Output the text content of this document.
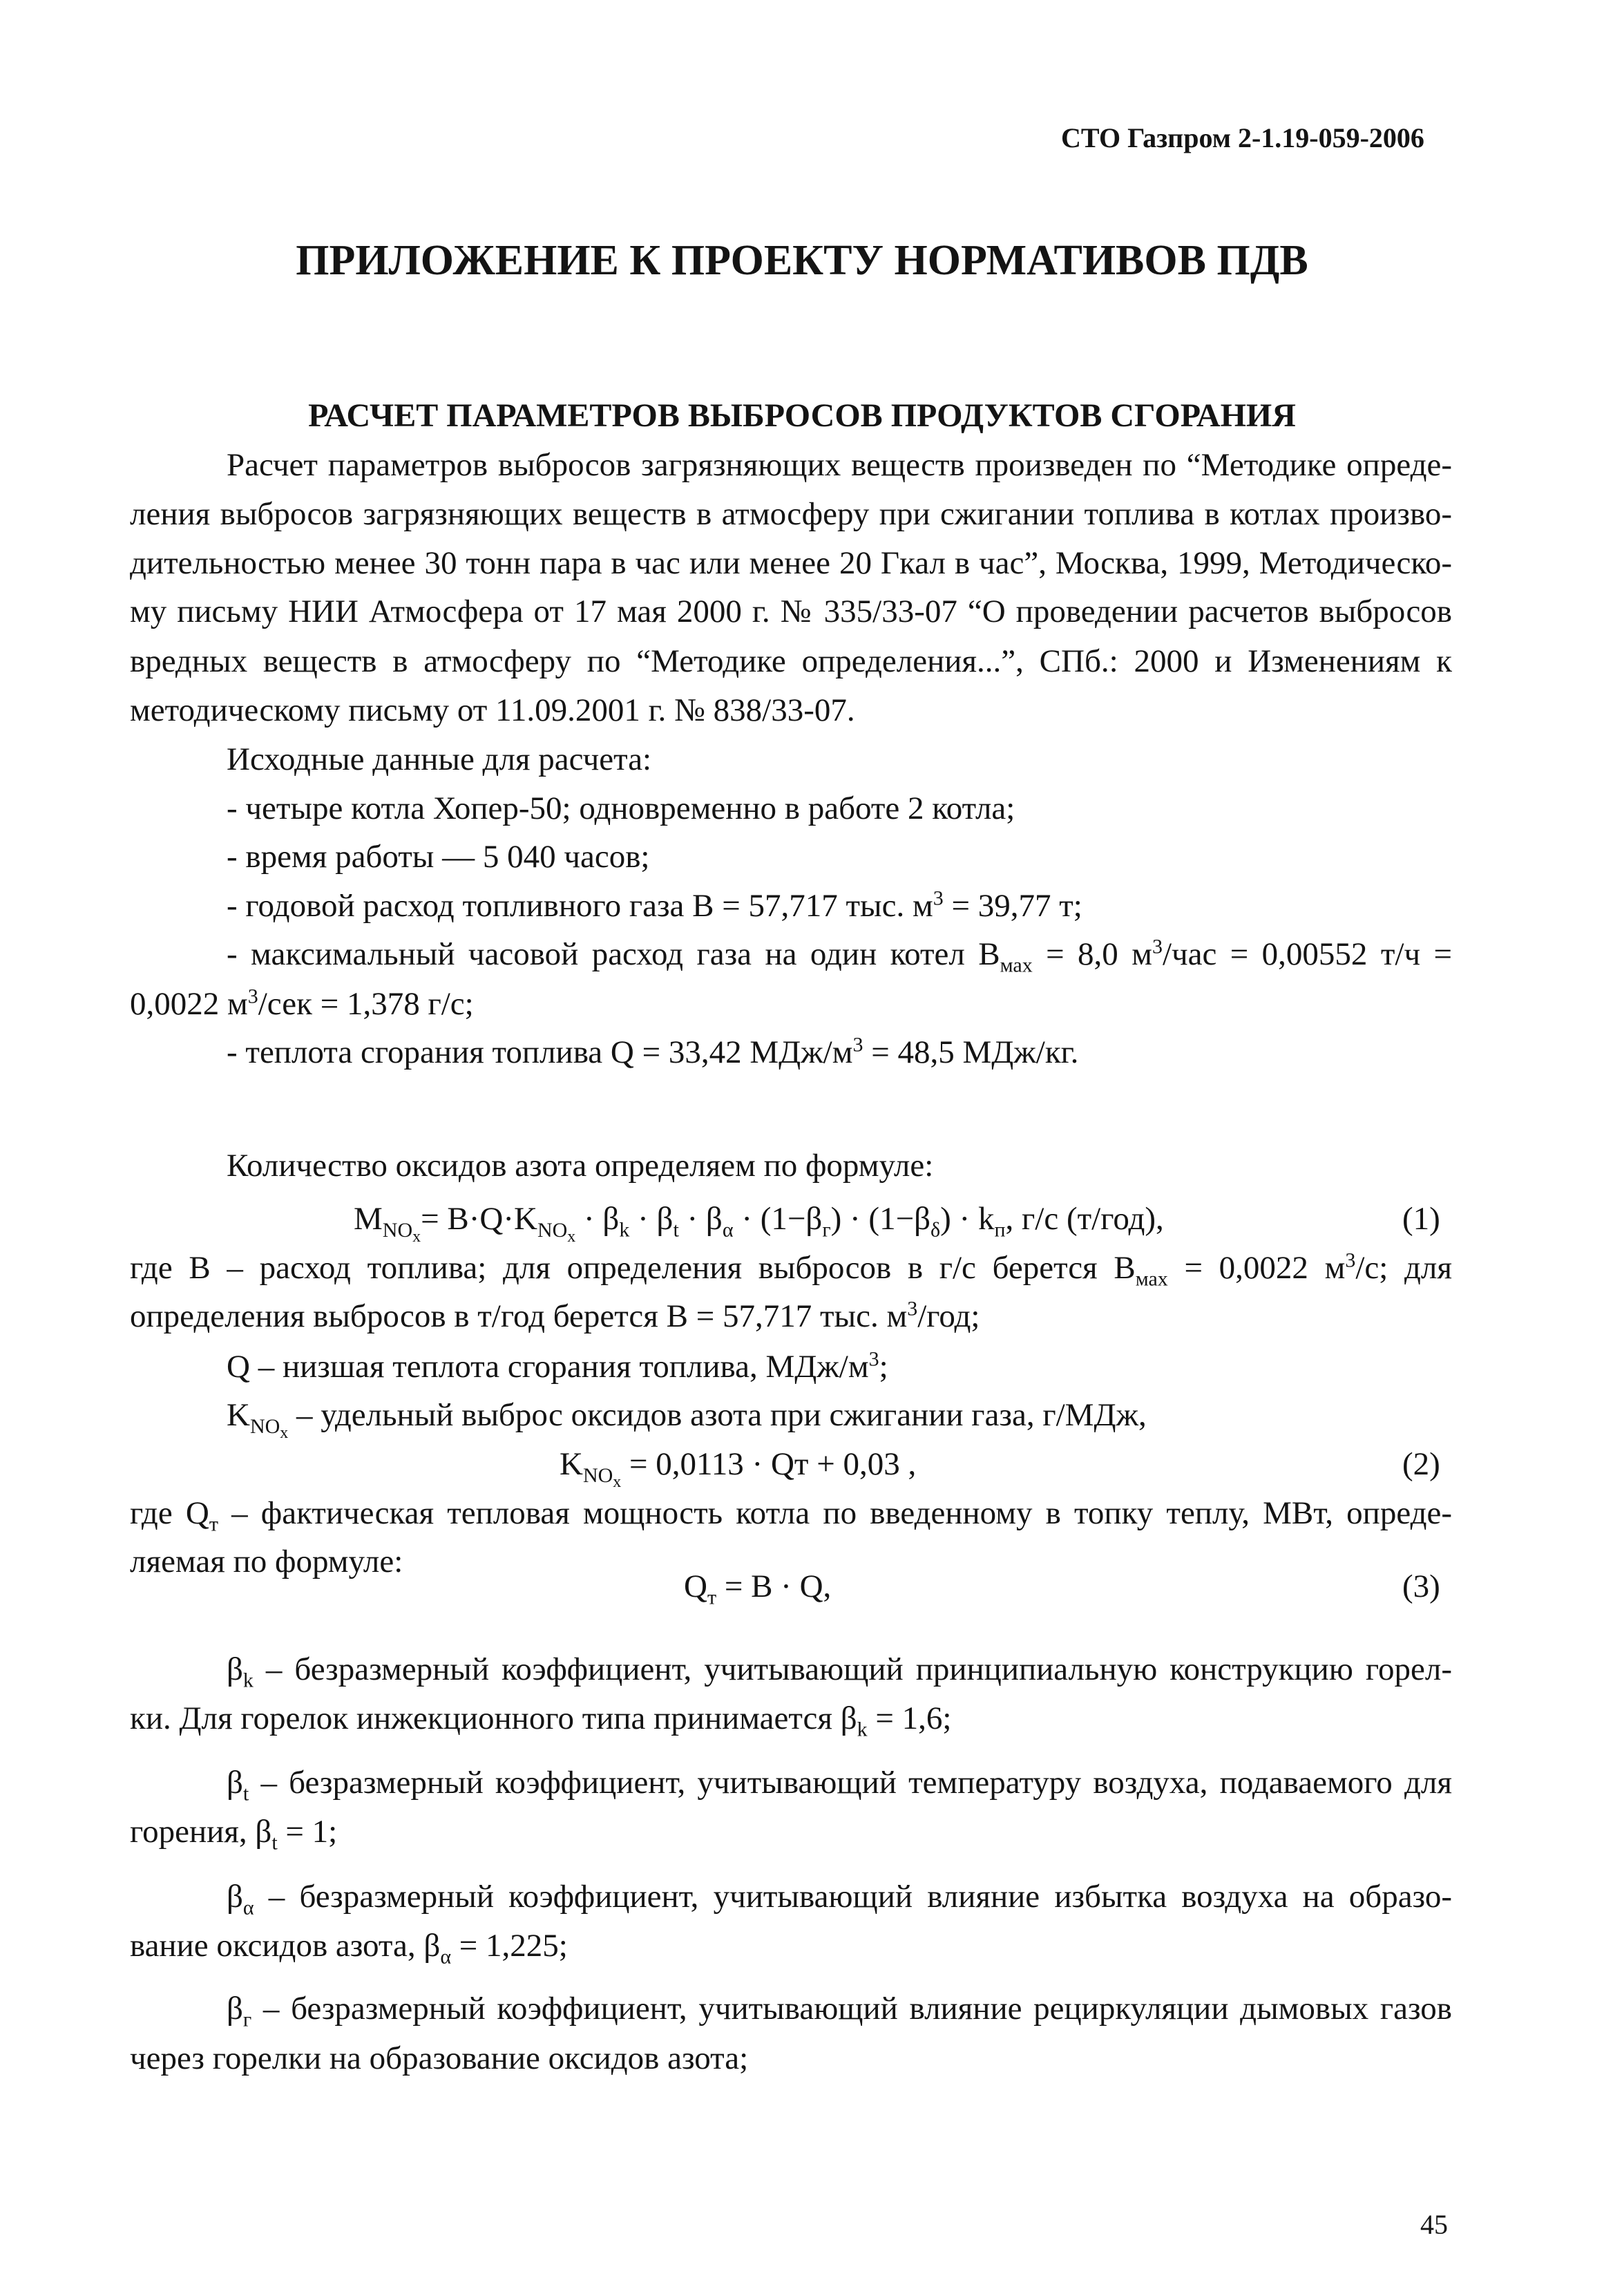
СТО Газпром 2-1.19-059-2006
ПРИЛОЖЕНИЕ К ПРОЕКТУ НОРМАТИВОВ ПДВ
РАСЧЕТ ПАРАМЕТРОВ ВЫБРОСОВ ПРОДУКТОВ СГОРАНИЯ
Расчет параметров выбросов загрязняющих веществ произведен по “Методике опреде-
ления выбросов загрязняющих веществ в атмосферу при сжигании топлива в котлах произво-
дительностью менее 30 тонн пара в час или менее 20 Гкал в час”, Москва, 1999, Методическо-
му письму НИИ Атмосфера от 17 мая 2000 г. № 335/33-07 “О проведении расчетов выбросов
вредных веществ в атмосферу по “Методике определения...”, СПб.: 2000 и Изменениям к
методическому письму от 11.09.2001 г. № 838/33-07.
Исходные данные для расчета:
- четыре котла Хопер-50; одновременно в работе 2 котла;
- время работы — 5 040 часов;
- годовой расход топливного газа В = 57,717 тыс. $м^3 = 39,77$ т;
- максимальный часовой расход газа на один котел $В_{мах} = 8,0$ $м^3$/час = 0,00552 т/ч =
0,0022 $м^3$/сек = 1,378 г/с;
- теплота сгорания топлива Q = 33,42 МДж/$м^3 = 48,5$ МДж/кг.
Количество оксидов азота определяем по формуле:
$M_{NO_x}= B\cdot Q\cdot K_{NO_x} \cdot \beta_k \cdot \beta_t \cdot \beta_\alpha \cdot (1-\beta_г) \cdot (1-\beta_\delta) \cdot k_п$, г/с (т/год),	(1)
где В – расход топлива; для определения выбросов в г/с берется $В_{мах} = 0,0022$ $м^3/с$; для
определения выбросов в т/год берется В = 57,717 тыс. $м^3$/год;
Q – низшая теплота сгорания топлива, МДж/$м^3$;
$K_{NO_x}$ – удельный выброс оксидов азота при сжигании газа, г/МДж,
$K_{NO_x} = 0,0113$ · Qт + 0,03 ,	(2)
где $Q_т$ – фактическая тепловая мощность котла по введенному в топку теплу, МВт, опреде-
ляемая по формуле:
$Q_т = B \cdot Q$,	(3)
$\beta_k$ – безразмерный коэффициент, учитывающий принципиальную конструкцию горел-
ки. Для горелок инжекционного типа принимается $\beta_k = 1,6$;
$\beta_t$ – безразмерный коэффициент, учитывающий температуру воздуха, подаваемого для
горения, $\beta_t = 1$;
$\beta_\alpha$ – безразмерный коэффициент, учитывающий влияние избытка воздуха на образо-
вание оксидов азота, $\beta_\alpha = 1,225$;
$\beta_г$ – безразмерный коэффициент, учитывающий влияние рециркуляции дымовых газов
через горелки на образование оксидов азота;
45
